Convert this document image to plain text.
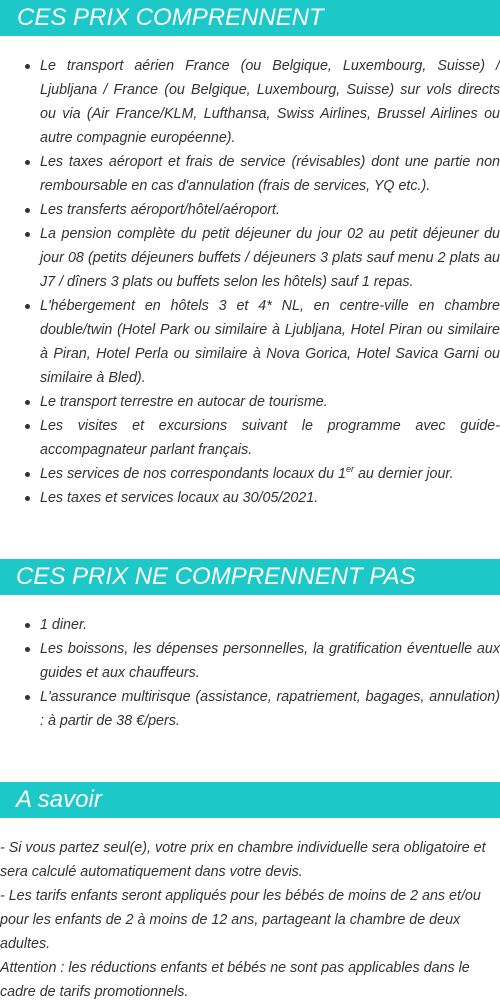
CES PRIX COMPRENNENT
Le transport aérien France (ou Belgique, Luxembourg, Suisse) / Ljubljana / France (ou Belgique, Luxembourg, Suisse) sur vols directs ou via (Air France/KLM, Lufthansa, Swiss Airlines, Brussel Airlines ou autre compagnie européenne).
Les taxes aéroport et frais de service (révisables) dont une partie non remboursable en cas d'annulation (frais de services, YQ etc.).
Les transferts aéroport/hôtel/aéroport.
La pension complète du petit déjeuner du jour 02 au petit déjeuner du jour 08 (petits déjeuners buffets / déjeuners 3 plats sauf menu 2 plats au J7 / dîners 3 plats ou buffets selon les hôtels) sauf 1 repas.
L'hébergement en hôtels 3 et 4* NL, en centre-ville en chambre double/twin (Hotel Park ou similaire à Ljubljana, Hotel Piran ou similaire à Piran, Hotel Perla ou similaire à Nova Gorica, Hotel Savica Garni ou similaire à Bled).
Le transport terrestre en autocar de tourisme.
Les visites et excursions suivant le programme avec guide-accompagnateur parlant français.
Les services de nos correspondants locaux du 1er au dernier jour.
Les taxes et services locaux au 30/05/2021.
CES PRIX NE COMPRENNENT PAS
1 diner.
Les boissons, les dépenses personnelles, la gratification éventuelle aux guides et aux chauffeurs.
L'assurance multirisque (assistance, rapatriement, bagages, annulation) : à partir de 38 €/pers.
A savoir

- Si vous partez seul(e), votre prix en chambre individuelle sera obligatoire et sera calculé automatiquement dans votre devis.

- Les tarifs enfants seront appliqués pour les bébés de moins de 2 ans et/ou pour les enfants de 2 à moins de 12 ans, partageant la chambre de deux adultes.

Attention : les réductions enfants et bébés ne sont pas applicables dans le cadre de tarifs promotionnels.
